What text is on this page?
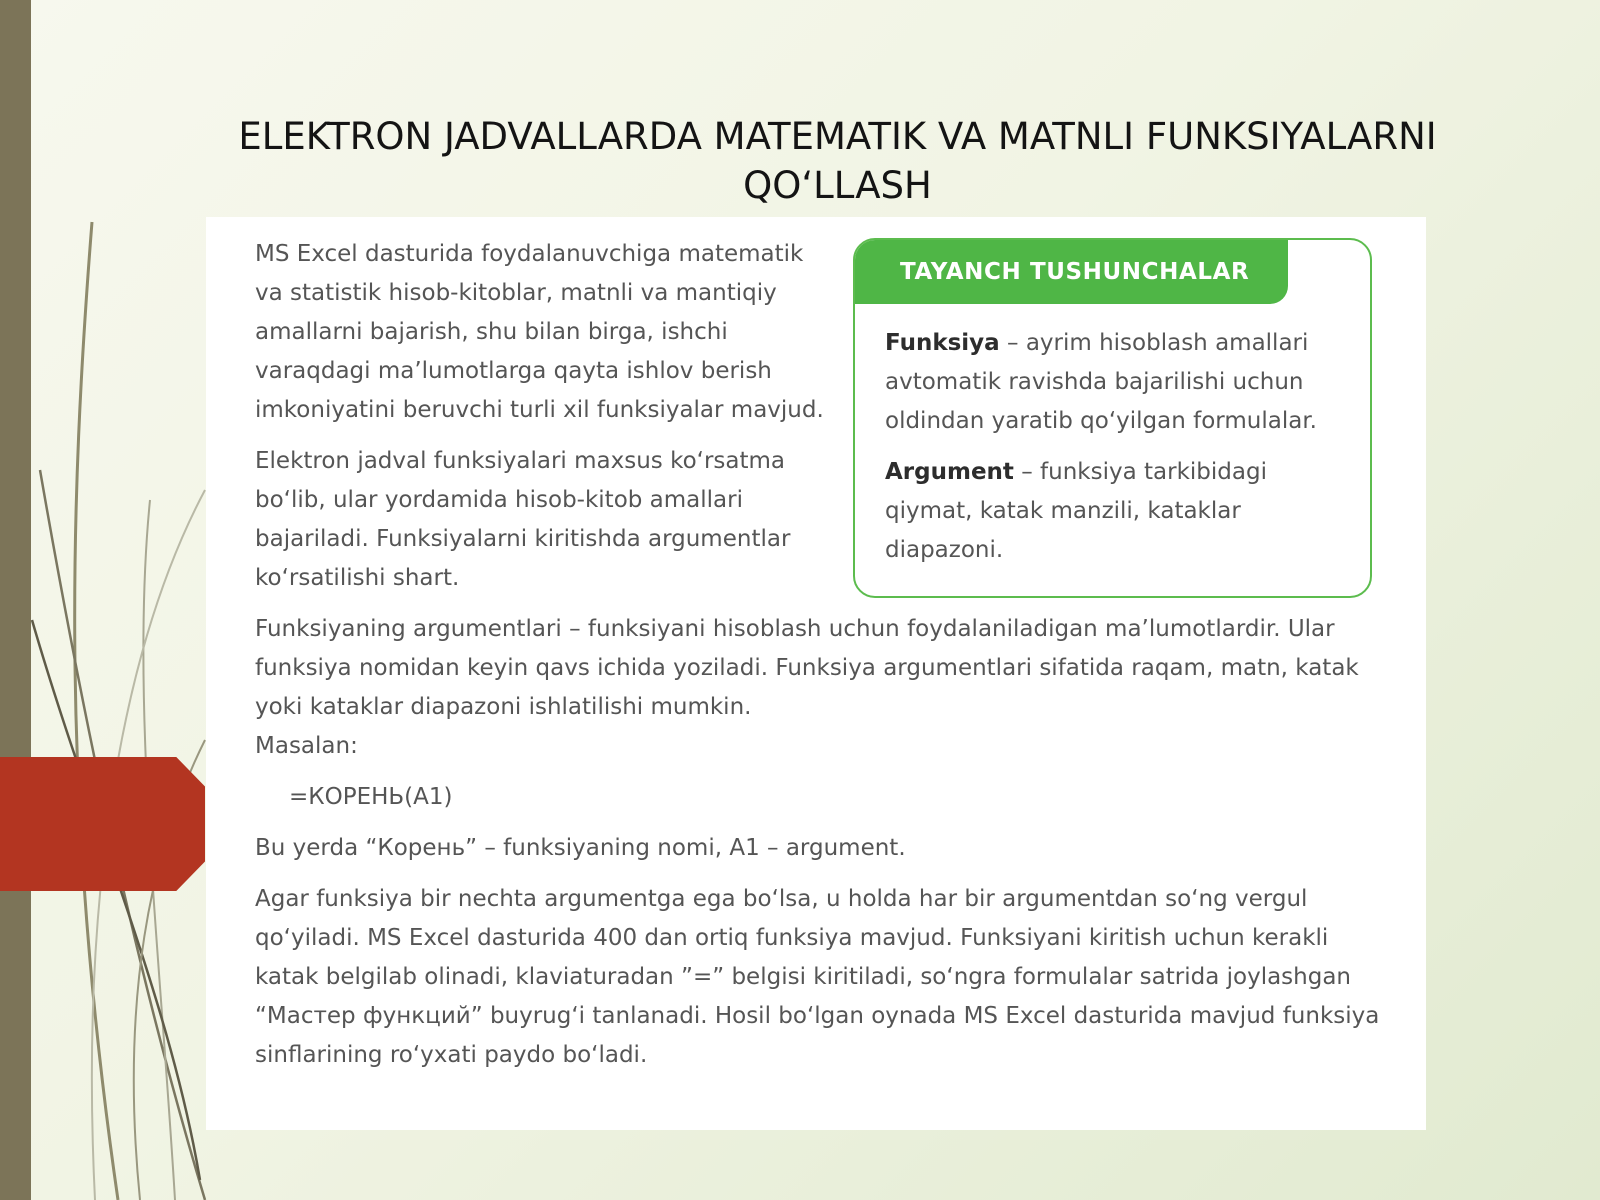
ELEKTRON JADVALLARDA MATEMATIK VA MATNLI FUNKSIYALARNI QO‘LLASH

MS Excel dasturida foydalanuvchiga matematik va statistik hisob-kitoblar, matnli va mantiqiy amallarni bajarish, shu bilan birga, ishchi varaqdagi ma’lumotlarga qayta ishlov berish imkoniyatini beruvchi turli xil funksiyalar mavjud.

Elektron jadval funksiyalari maxsus ko‘rsatma bo‘lib, ular yordamida hisob-kitob amallari bajariladi. Funksiyalarni kiritishda argumentlar ko‘rsatilishi shart.

TAYANCH TUSHUNCHALAR

Funksiya – ayrim hisoblash amallari avtomatik ravishda bajarilishi uchun oldindan yaratib qo‘yilgan formulalar.

Argument – funksiya tarkibidagi qiymat, katak manzili, kataklar diapazoni.

Funksiyaning argumentlari – funksiyani hisoblash uchun foydalaniladigan ma’lumotlardir. Ular funksiya nomidan keyin qavs ichida yoziladi. Funksiya argumentlari sifatida raqam, matn, katak yoki kataklar diapazoni ishlatilishi mumkin.

Masalan:

=КОРЕНЬ(A1)

Bu yerda “Корень” – funksiyaning nomi, A1 – argument.

Agar funksiya bir nechta argumentga ega bo‘lsa, u holda har bir argumentdan so‘ng vergul qo‘yiladi. MS Excel dasturida 400 dan ortiq funksiya mavjud. Funksiyani kiritish uchun kerakli katak belgilab olinadi, klaviaturadan ”=” belgisi kiritiladi, so‘ngra formulalar satrida joylashgan “Мастер функций” buyrug‘i tanlanadi. Hosil bo‘lgan oynada MS Excel dasturida mavjud funksiya sinflarining ro‘yxati paydo bo‘ladi.
